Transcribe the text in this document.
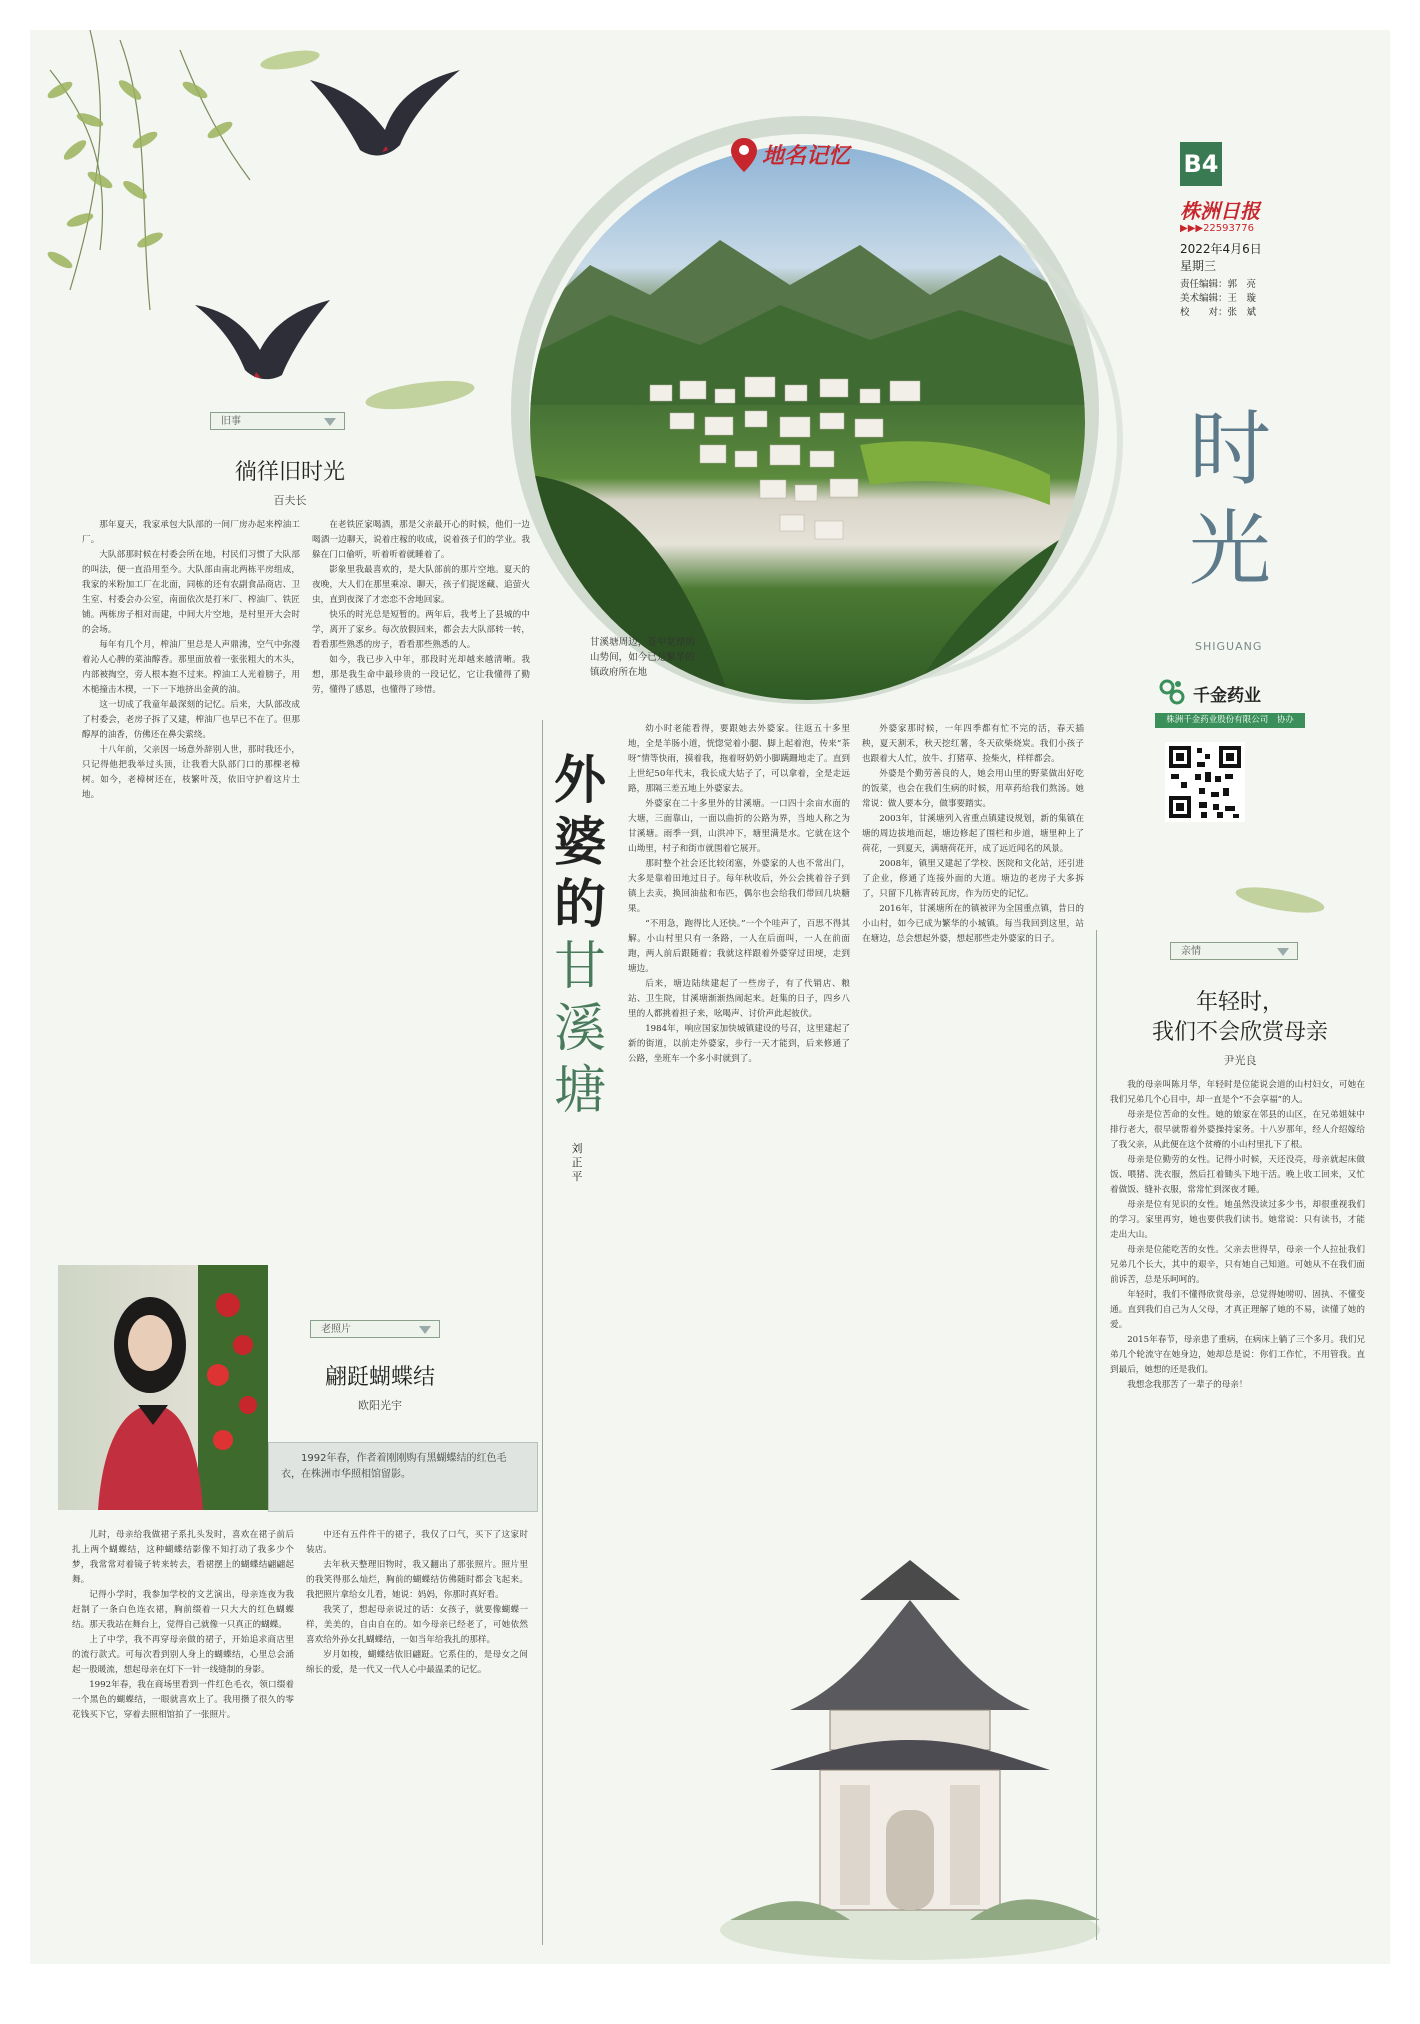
地名记忆
甘溪塘周边，苍早宽厚的山势间，如今已是繁华的镇政府所在地
B4
株洲日报
▶▶▶22593776
2022年4月6日
星期三
责任编辑：郭　亮
美术编辑：王　璇
校　　对：张　斌
时光
SHIGUANG
千金药业
株洲千金药业股份有限公司　协办
旧事
徜徉旧时光
百夫长

那年夏天，我家承包大队部的一间厂房办起来榨油工厂。

大队部那时候在村委会所在地，村民们习惯了大队部的叫法，便一直沿用至今。大队部由南北两栋平房组成，我家的米粉加工厂在北面，同栋的还有农副食品商店、卫生室、村委会办公室，南面依次是打米厂、榨油厂、铁匠铺。两栋房子相对而建，中间大片空地，是村里开大会时的会场。

每年有几个月，榨油厂里总是人声鼎沸，空气中弥漫着沁人心脾的菜油醇香。那里面放着一张张粗大的木头，内部被掏空，旁人根本抱不过来。榨油工人光着膀子，用木槌撞击木楔，一下一下地挤出金黄的油。

这一切成了我童年最深刻的记忆。后来，大队部改成了村委会，老房子拆了又建，榨油厂也早已不在了。但那醇厚的油香，仿佛还在鼻尖萦绕。

十八年前，父亲因一场意外辞别人世，那时我还小，只记得他把我举过头顶，让我看大队部门口的那棵老樟树。如今，老樟树还在，枝繁叶茂，依旧守护着这片土地。

在老铁匠家喝酒，那是父亲最开心的时候，他们一边喝酒一边聊天，说着庄稼的收成，说着孩子们的学业。我躲在门口偷听，听着听着就睡着了。

影象里我最喜欢的，是大队部前的那片空地。夏天的夜晚，大人们在那里乘凉、聊天，孩子们捉迷藏、追萤火虫，直到夜深了才恋恋不舍地回家。

快乐的时光总是短暂的。两年后，我考上了县城的中学，离开了家乡。每次放假回来，都会去大队部转一转，看看那些熟悉的房子，看看那些熟悉的人。

如今，我已步入中年，那段时光却越来越清晰。我想，那是我生命中最珍贵的一段记忆，它让我懂得了勤劳，懂得了感恩，也懂得了珍惜。

老照片
翩跹蝴蝶结
欧阳光宇
1992年春，作者着刚刚购有黑蝴蝶结的红色毛衣，在株洲市华照相馆留影。

儿时，母亲给我做裙子系扎头发时，喜欢在裙子前后扎上两个蝴蝶结，这种蝴蝶结影像不知打动了我多少个梦，我常常对着镜子转来转去，看裙摆上的蝴蝶结翩翩起舞。

记得小学时，我参加学校的文艺演出，母亲连夜为我赶制了一条白色连衣裙，胸前缀着一只大大的红色蝴蝶结。那天我站在舞台上，觉得自己就像一只真正的蝴蝶。

上了中学，我不再穿母亲做的裙子，开始追求商店里的流行款式。可每次看到别人身上的蝴蝶结，心里总会涌起一股暖流，想起母亲在灯下一针一线缝制的身影。

1992年春，我在商场里看到一件红色毛衣，领口缀着一个黑色的蝴蝶结，一眼就喜欢上了。我用攒了很久的零花钱买下它，穿着去照相馆拍了一张照片。

中还有五件件干的裙子，我仅了口气，买下了这家时装店。

去年秋天整理旧物时，我又翻出了那张照片。照片里的我笑得那么灿烂，胸前的蝴蝶结仿佛随时都会飞起来。我把照片拿给女儿看，她说：妈妈，你那时真好看。

我笑了，想起母亲说过的话：女孩子，就要像蝴蝶一样，美美的，自由自在的。如今母亲已经老了，可她依然喜欢给外孙女扎蝴蝶结，一如当年给我扎的那样。

岁月如梭，蝴蝶结依旧翩跹。它系住的，是母女之间绵长的爱，是一代又一代人心中最温柔的记忆。

外
婆
的
甘
溪
塘
刘正平

幼小时老能看得，要跟她去外婆家。往返五十多里地，全是羊肠小道，恍惚觉着小腿、脚上起着泡，传来“茶呀”情等快雨，摸着我，拖着呀奶奶小脚蹒跚地走了。直到上世纪50年代末，我长成大姑子了，可以拿着，全是走远路，那隔三差五地上外婆家去。

外婆家在二十多里外的甘溪塘。一口四十余亩水面的大塘，三面靠山，一面以曲折的公路为界，当地人称之为甘溪塘。雨季一到，山洪冲下，塘里满是水。它就在这个山坳里，村子和街市就围着它展开。

那时整个社会还比较闭塞，外婆家的人也不常出门，大多是靠着田地过日子。每年秋收后，外公会挑着谷子到镇上去卖，换回油盐和布匹，偶尔也会给我们带回几块糖果。

“不用急，跑得比人还快。”一个个哇声了，百思不得其解。小山村里只有一条路，一人在后面叫，一人在前面跑，两人前后跟随着；我就这样跟着外婆穿过田埂，走到塘边。

后来，塘边陆续建起了一些房子，有了代销店、粮站、卫生院，甘溪塘渐渐热闹起来。赶集的日子，四乡八里的人都挑着担子来，吆喝声、讨价声此起彼伏。

1984年，响应国家加快城镇建设的号召，这里建起了新的街道，以前走外婆家，步行一天才能到，后来修通了公路，坐班车一个多小时就到了。

外婆家那时候，一年四季都有忙不完的活，春天插秧，夏天割禾，秋天挖红薯，冬天砍柴烧炭。我们小孩子也跟着大人忙，放牛、打猪草、捡柴火，样样都会。

外婆是个勤劳善良的人，她会用山里的野菜做出好吃的饭菜，也会在我们生病的时候，用草药给我们熬汤。她常说：做人要本分，做事要踏实。

2003年，甘溪塘列入省重点镇建设规划，新的集镇在塘的周边拔地而起，塘边修起了围栏和步道，塘里种上了荷花，一到夏天，满塘荷花开，成了远近闻名的风景。

2008年，镇里又建起了学校、医院和文化站，还引进了企业，修通了连接外面的大道。塘边的老房子大多拆了，只留下几栋青砖瓦房，作为历史的记忆。

2016年，甘溪塘所在的镇被评为全国重点镇，昔日的小山村，如今已成为繁华的小城镇。每当我回到这里，站在塘边，总会想起外婆，想起那些走外婆家的日子。

亲情
年轻时，
我们不会欣赏母亲
尹光良

我的母亲叫陈月华，年轻时是位能说会道的山村妇女，可她在我们兄弟几个心目中，却一直是个“不会享福”的人。

母亲是位苦命的女性。她的娘家在邻县的山区，在兄弟姐妹中排行老大，很早就帮着外婆操持家务。十八岁那年，经人介绍嫁给了我父亲，从此便在这个贫瘠的小山村里扎下了根。

母亲是位勤劳的女性。记得小时候，天还没亮，母亲就起床做饭、喂猪、洗衣服，然后扛着锄头下地干活。晚上收工回来，又忙着做饭、缝补衣服，常常忙到深夜才睡。

母亲是位有见识的女性。她虽然没读过多少书，却很重视我们的学习。家里再穷，她也要供我们读书。她常说：只有读书，才能走出大山。

母亲是位能吃苦的女性。父亲去世得早，母亲一个人拉扯我们兄弟几个长大，其中的艰辛，只有她自己知道。可她从不在我们面前诉苦，总是乐呵呵的。

年轻时，我们不懂得欣赏母亲，总觉得她唠叨、固执、不懂变通。直到我们自己为人父母，才真正理解了她的不易，读懂了她的爱。

2015年春节，母亲患了重病，在病床上躺了三个多月。我们兄弟几个轮流守在她身边，她却总是说：你们工作忙，不用管我。直到最后，她想的还是我们。

我想念我那苦了一辈子的母亲！
